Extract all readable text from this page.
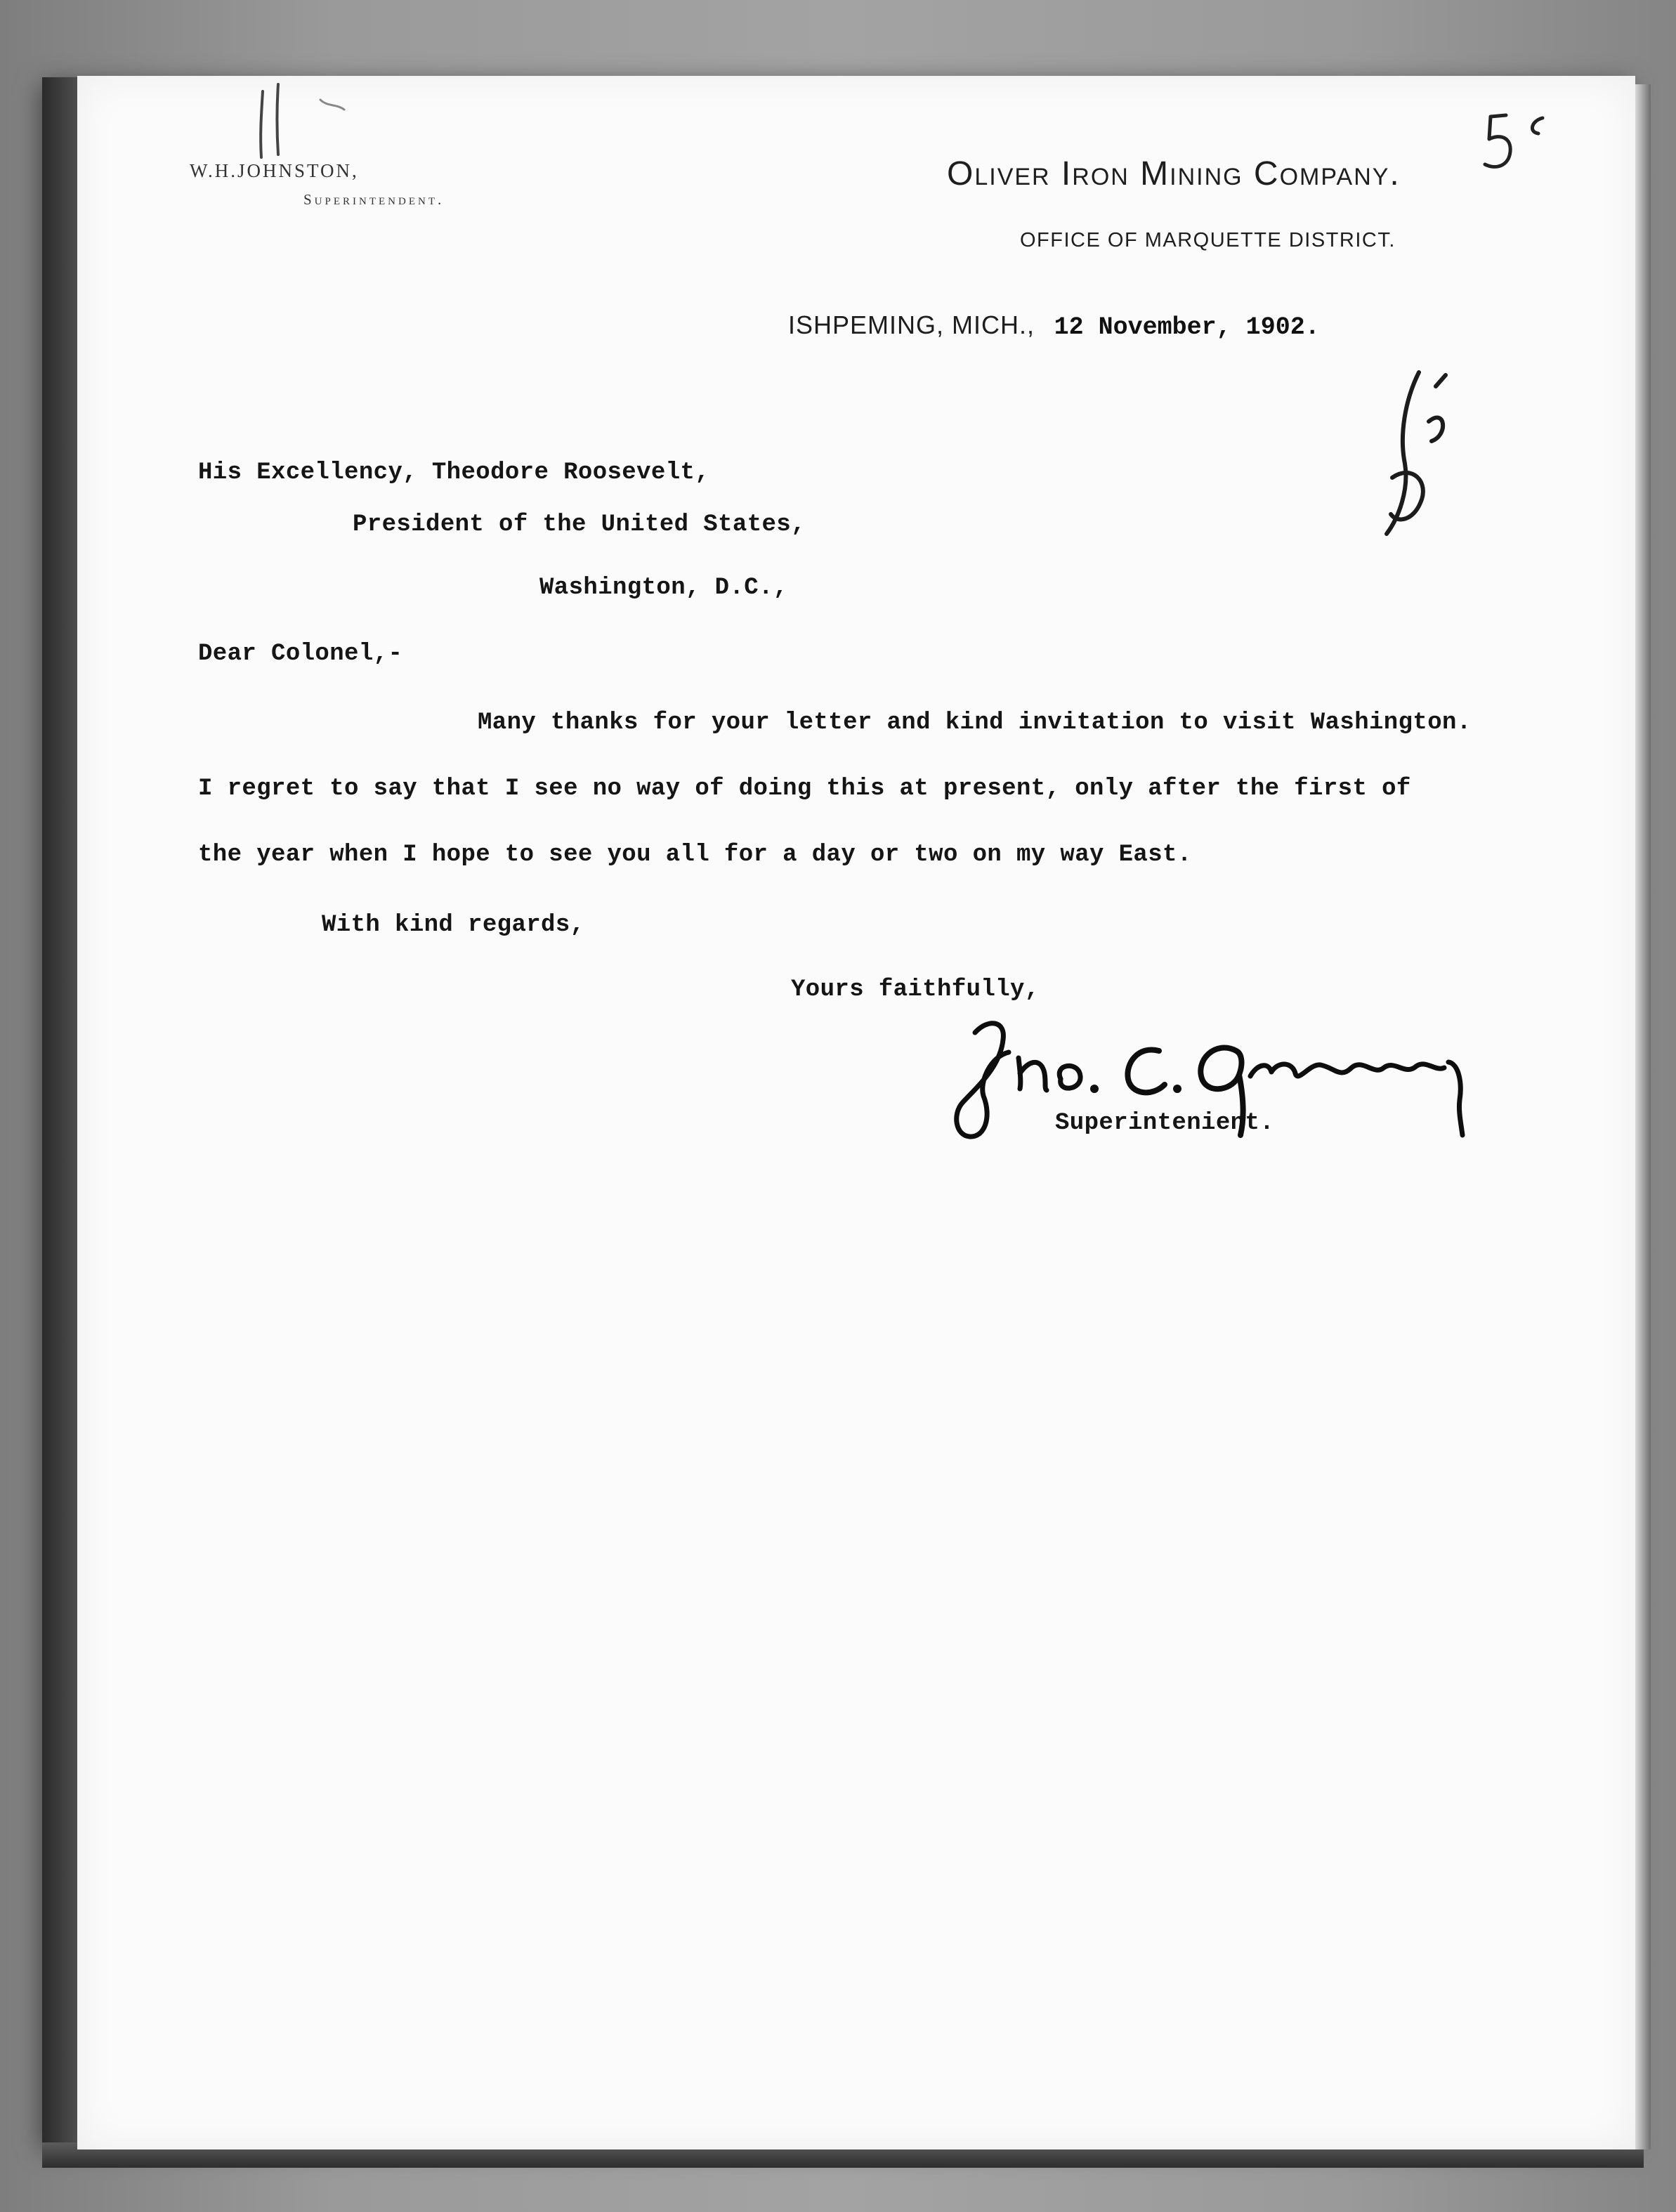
W.H.JOHNSTON,
Superintendent.
Oliver Iron Mining Company.
OFFICE OF MARQUETTE DISTRICT.
ISHPEMING, MICH., 12 November, 1902.
His Excellency, Theodore Roosevelt,
President of the United States,
Washington, D.C.,
Dear Colonel,-
Many thanks for your letter and kind invitation to visit Washington.
I regret to say that I see no way of doing this at present, only after the first of
the year when I hope to see you all for a day or two on my way East.
With kind regards,
Yours faithfully,
Superintenient.
